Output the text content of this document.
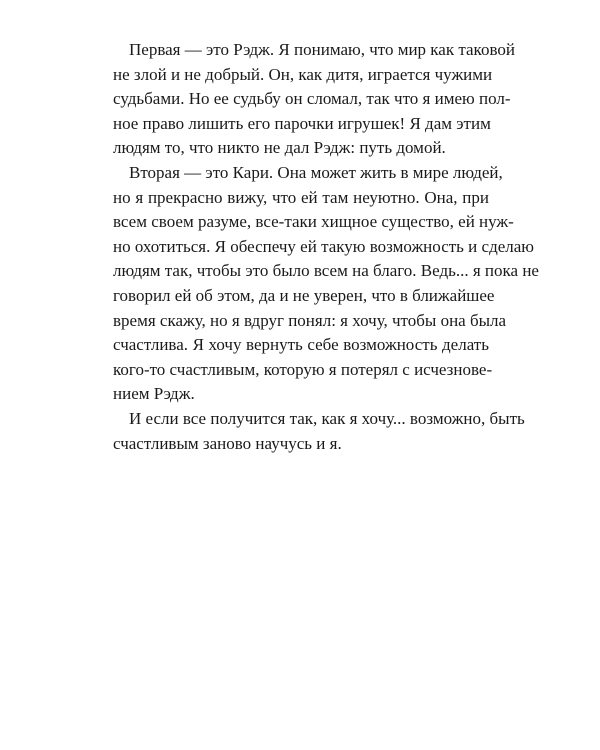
Первая — это Рэдж. Я понимаю, что мир как таковой
не злой и не добрый. Он, как дитя, играется чужими
судьбами. Но ее судьбу он сломал, так что я имею пол-
ное право лишить его парочки игрушек! Я дам этим
людям то, что никто не дал Рэдж: путь домой.
Вторая — это Кари. Она может жить в мире людей,
но я прекрасно вижу, что ей там неуютно. Она, при
всем своем разуме, все-таки хищное существо, ей нуж-
но охотиться. Я обеспечу ей такую возможность и сделаю
людям так, чтобы это было всем на благо. Ведь... я пока не
говорил ей об этом, да и не уверен, что в ближайшее
время скажу, но я вдруг понял: я хочу, чтобы она была
счастлива. Я хочу вернуть себе возможность делать
кого-то счастливым, которую я потерял с исчезнове-
нием Рэдж.
И если все получится так, как я хочу... возможно, быть
счастливым заново научусь и я.
